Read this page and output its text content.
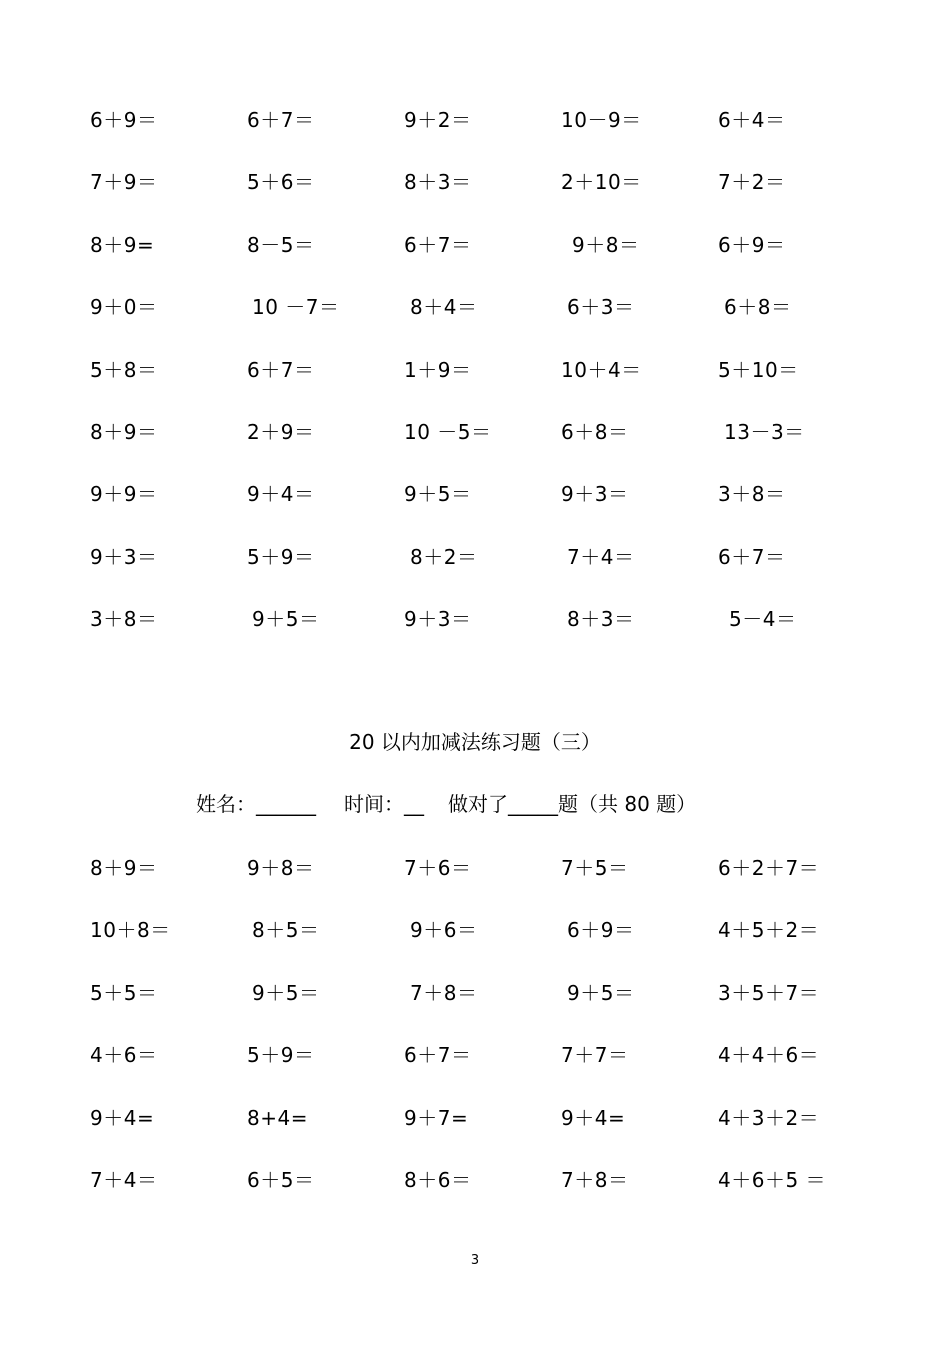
6＋9＝	6＋7＝	9＋2＝	10－9＝	6＋4＝
7＋9＝	5＋6＝	8＋3＝	2＋10＝	7＋2＝
8＋9=	8－5＝	6＋7＝	9＋8＝	6＋9＝
9＋0＝	10 －7＝	8＋4＝	6＋3＝	6＋8＝
5＋8＝	6＋7＝	1＋9＝	10＋4＝	5＋10＝
8＋9＝	2＋9＝	10 －5＝	6＋8＝	13－3＝
9＋9＝	9＋4＝	9＋5＝	9＋3＝	3＋8＝
9＋3＝	5＋9＝	8＋2＝	7＋4＝	6＋7＝
3＋8＝	9＋5＝	9＋3＝	8＋3＝	5－4＝
20 以内加减法练习题（三）
姓名：______ 时间：__ 做对了_____题（共 80 题）
8＋9＝	9＋8＝	7＋6＝	7＋5＝	6＋2＋7＝
10＋8＝	8＋5＝	9＋6＝	6＋9＝	4＋5＋2＝
5＋5＝	9＋5＝	7＋8＝	9＋5＝	3＋5＋7＝
4＋6＝	5＋9＝	6＋7＝	7＋7＝	4＋4＋6＝
9＋4=	8+4=	9＋7=	9＋4=	4＋3＋2＝
7＋4＝	6＋5＝	8＋6＝	7＋8＝	4＋6＋5 ＝
3
